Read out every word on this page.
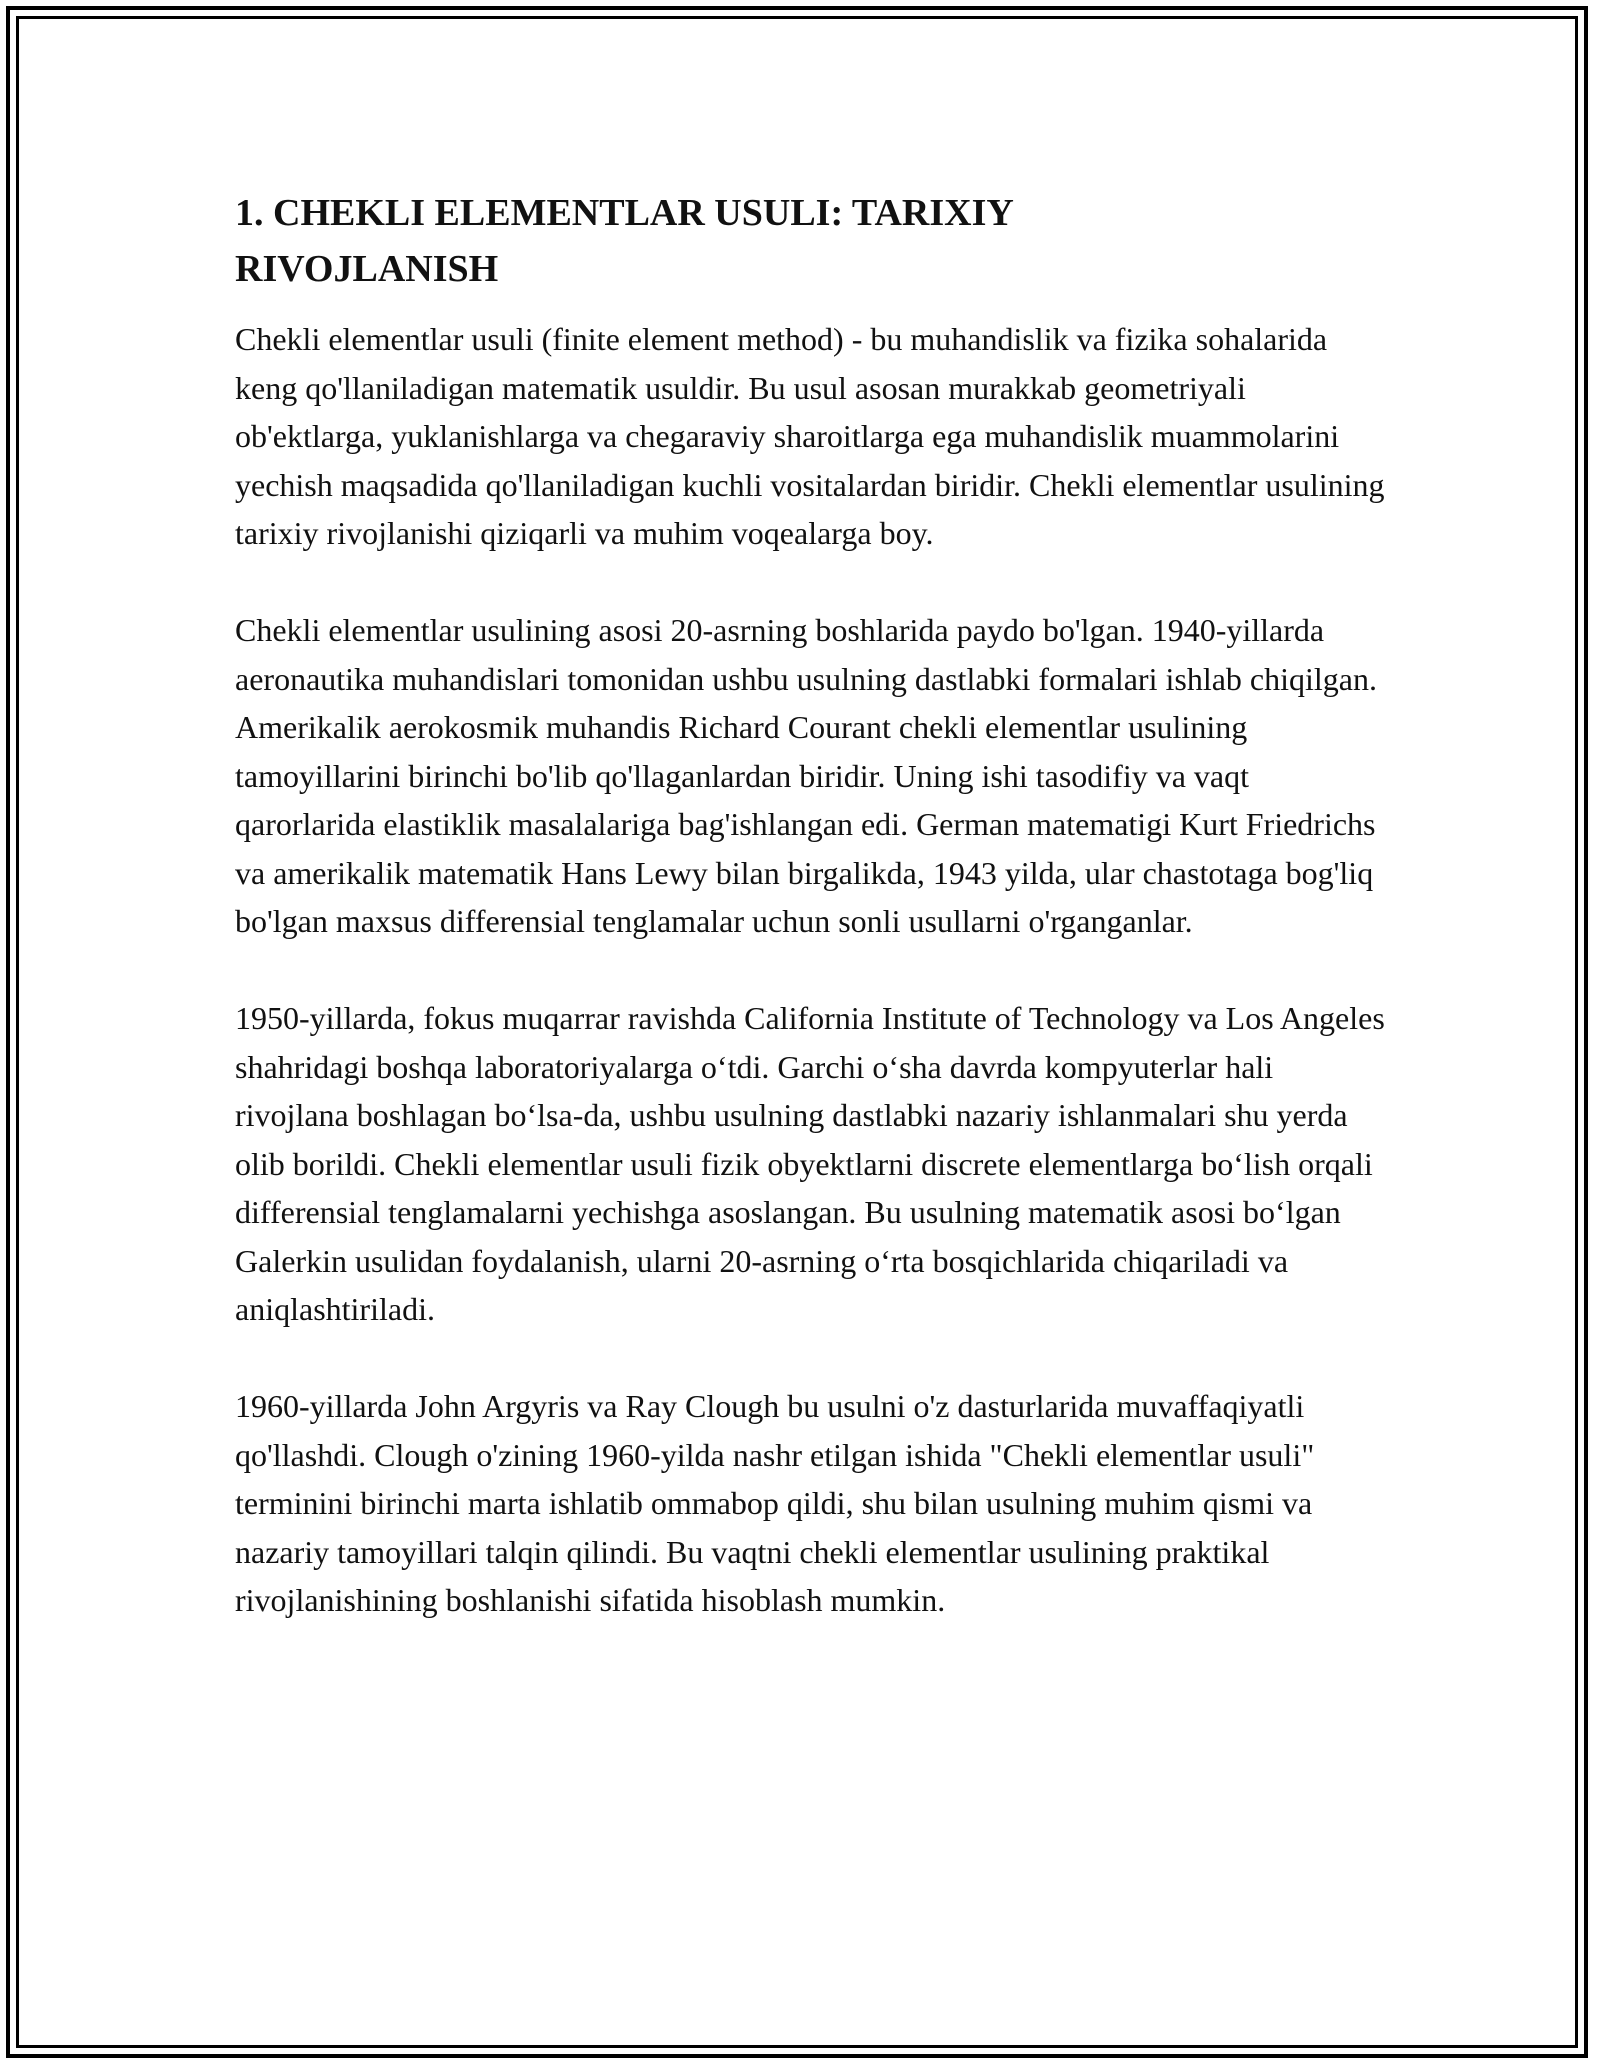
1. CHEKLI ELEMENTLAR USULI: TARIXIY RIVOJLANISH

Chekli elementlar usuli (finite element method) - bu muhandislik va fizika sohalarida keng qo'llaniladigan matematik usuldir. Bu usul asosan murakkab geometriyali ob'ektlarga, yuklanishlarga va chegaraviy sharoitlarga ega muhandislik muammolarini yechish maqsadida qo'llaniladigan kuchli vositalardan biridir. Chekli elementlar usulining tarixiy rivojlanishi qiziqarli va muhim voqealarga boy.

Chekli elementlar usulining asosi 20-asrning boshlarida paydo bo'lgan. 1940-yillarda aeronautika muhandislari tomonidan ushbu usulning dastlabki formalari ishlab chiqilgan. Amerikalik aerokosmik muhandis Richard Courant chekli elementlar usulining tamoyillarini birinchi bo'lib qo'llaganlardan biridir. Uning ishi tasodifiy va vaqt qarorlarida elastiklik masalalariga bag'ishlangan edi. German matematigi Kurt Friedrichs va amerikalik matematik Hans Lewy bilan birgalikda, 1943 yilda, ular chastotaga bog'liq bo'lgan maxsus differensial tenglamalar uchun sonli usullarni o'rganganlar.

1950-yillarda, fokus muqarrar ravishda California Institute of Technology va Los Angeles shahridagi boshqa laboratoriyalarga o‘tdi. Garchi o‘sha davrda kompyuterlar hali rivojlana boshlagan bo‘lsa-da, ushbu usulning dastlabki nazariy ishlanmalari shu yerda olib borildi. Chekli elementlar usuli fizik obyektlarni discrete elementlarga bo‘lish orqali differensial tenglamalarni yechishga asoslangan. Bu usulning matematik asosi bo‘lgan Galerkin usulidan foydalanish, ularni 20-asrning o‘rta bosqichlarida chiqariladi va aniqlashtiriladi.

1960-yillarda John Argyris va Ray Clough bu usulni o'z dasturlarida muvaffaqiyatli qo'llashdi. Clough o'zining 1960-yilda nashr etilgan ishida "Chekli elementlar usuli" terminini birinchi marta ishlatib ommabop qildi, shu bilan usulning muhim qismi va nazariy tamoyillari talqin qilindi. Bu vaqtni chekli elementlar usulining praktikal rivojlanishining boshlanishi sifatida hisoblash mumkin.
